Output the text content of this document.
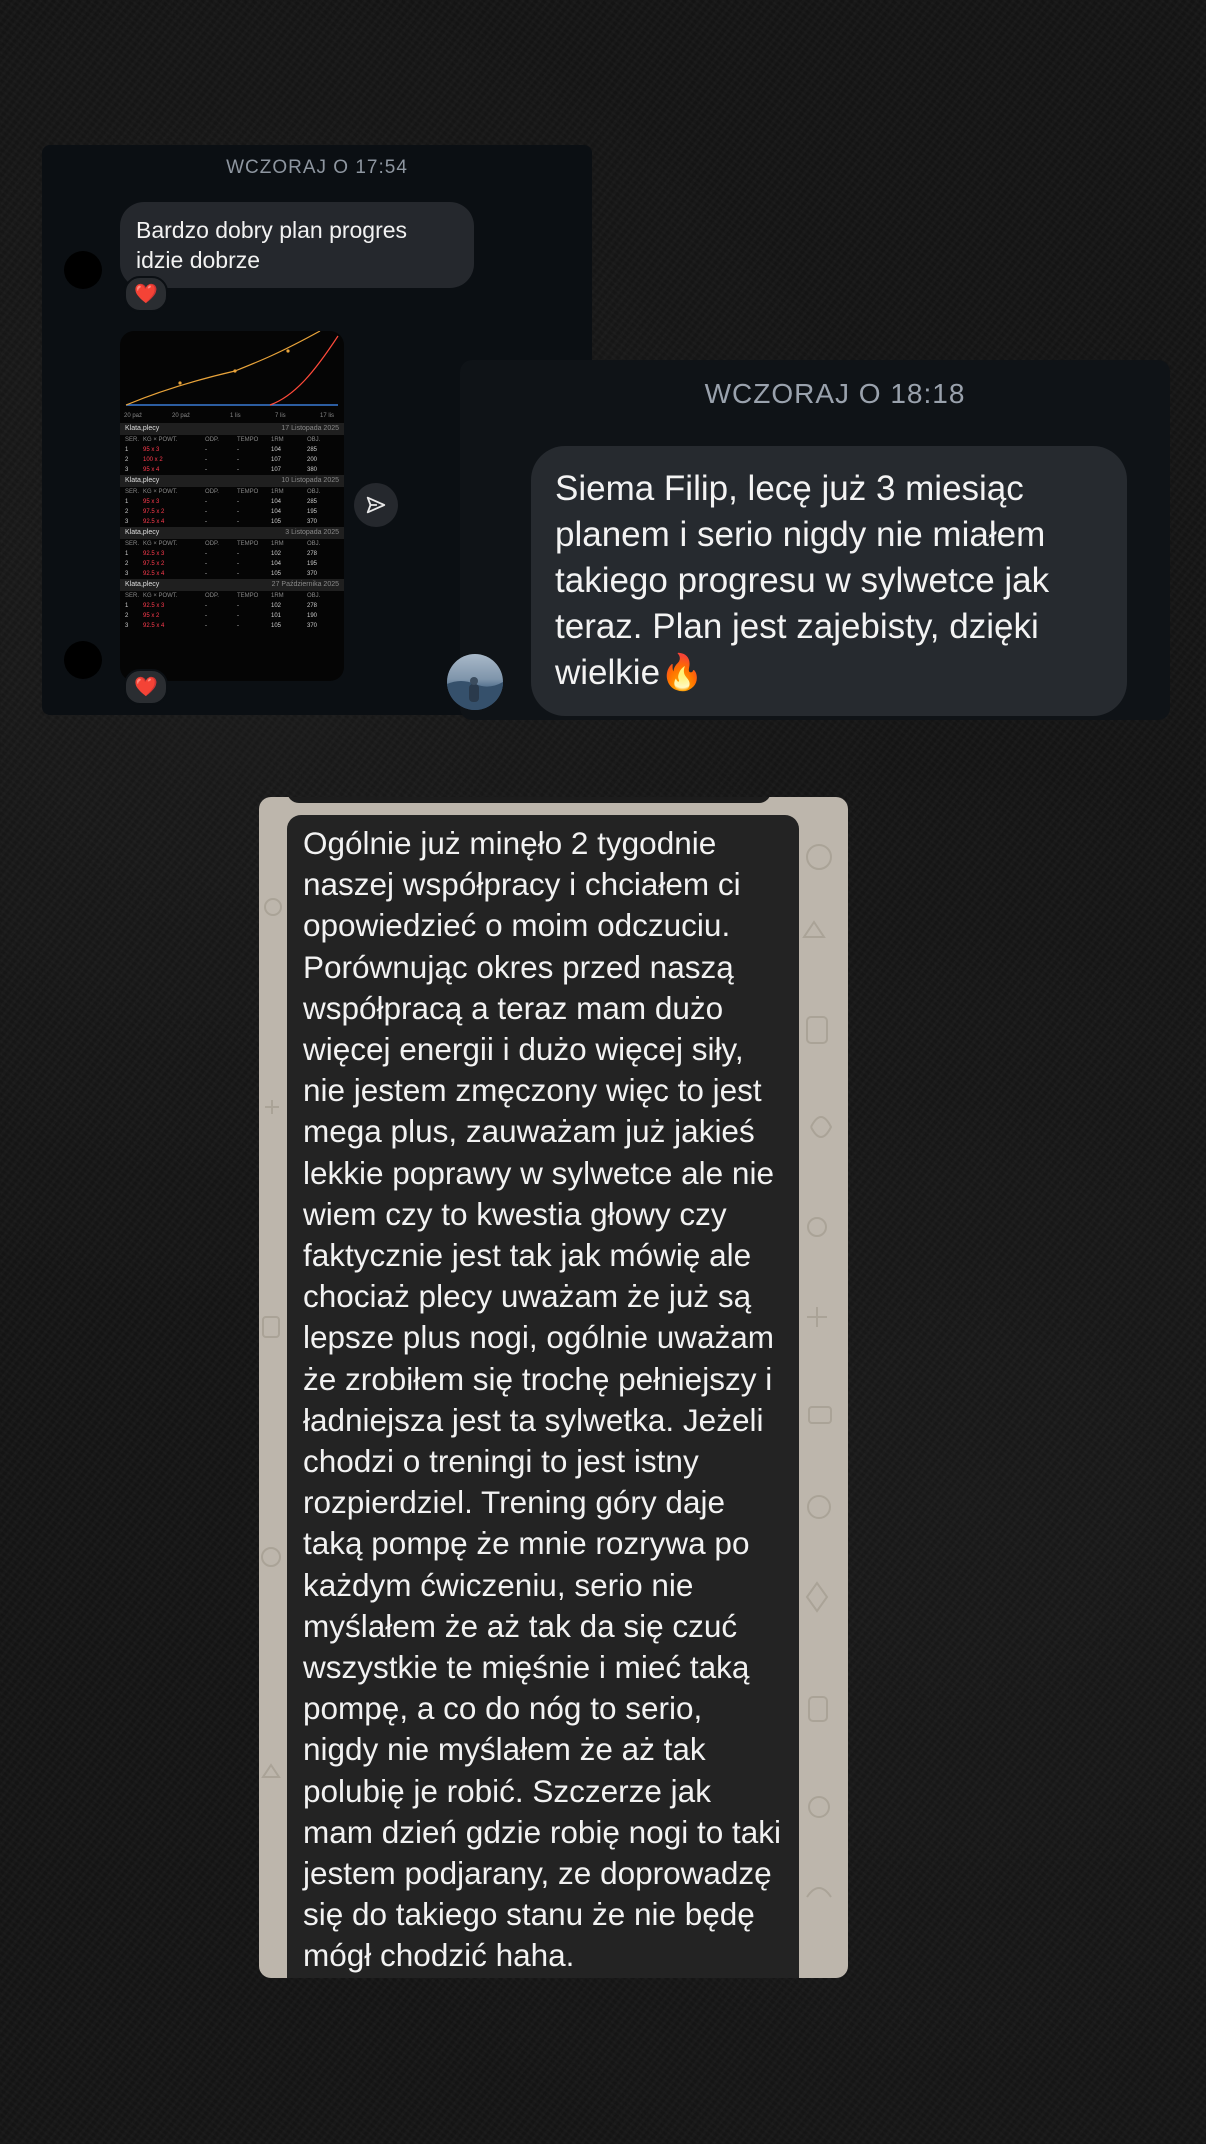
WCZORAJ O 17:54
Bardzo dobry plan progres idzie dobrze
❤️
20 paź	20 paź	1 lis	7 lis	17 lis
Klata,plecy	17 Listopada 2025
SER. KG × POWT.	ODP.	TEMPO	1RM	OBJ.
1	95 x 3	-	-	104	285
2	100 x 2	-	-	107	200
3	95 x 4	-	-	107	380
Klata,plecy	10 Listopada 2025
SER. KG × POWT.	ODP.	TEMPO	1RM	OBJ.
1	95 x 3	-	-	104	285
2	97.5 x 2	-	-	104	195
3	92.5 x 4	-	-	105	370
Klata,plecy	3 Listopada 2025
SER. KG × POWT.	ODP.	TEMPO	1RM	OBJ.
1	92.5 x 3	-	-	102	278
2	97.5 x 2	-	-	104	195
3	92.5 x 4	-	-	105	370
Klata,plecy	27 Października 2025
SER. KG × POWT.	ODP.	TEMPO	1RM	OBJ.
1	92.5 x 3	-	-	102	278
2	95 x 2	-	-	101	190
3	92.5 x 4	-	-	105	370
❤️
WCZORAJ O 18:18
Siema Filip, lecę już 3 miesiąc planem i serio nigdy nie miałem takiego progresu w sylwetce jak teraz. Plan jest zajebisty, dzięki wielkie🔥
Ogólnie już minęło 2 tygodnie naszej współpracy i chciałem ci opowiedzieć o moim odczuciu. Porównując okres przed naszą współpracą a teraz mam dużo więcej energii i dużo więcej siły, nie jestem zmęczony więc to jest mega plus, zauważam już jakieś lekkie poprawy w sylwetce ale nie wiem czy to kwestia głowy czy faktycznie jest tak jak mówię ale chociaż plecy uważam że już są lepsze plus nogi, ogólnie uważam że zrobiłem się trochę pełniejszy i ładniejsza jest ta sylwetka. Jeżeli chodzi o treningi to jest istny rozpierdziel. Trening góry daje taką pompę że mnie rozrywa po każdym ćwiczeniu, serio nie myślałem że aż tak da się czuć wszystkie te mięśnie i mieć taką pompę, a co do nóg to serio, nigdy nie myślałem że aż tak polubię je robić. Szczerze jak mam dzień gdzie robię nogi to taki jestem podjarany, ze doprowadzę się do takiego stanu że nie będę mógł chodzić haha.
